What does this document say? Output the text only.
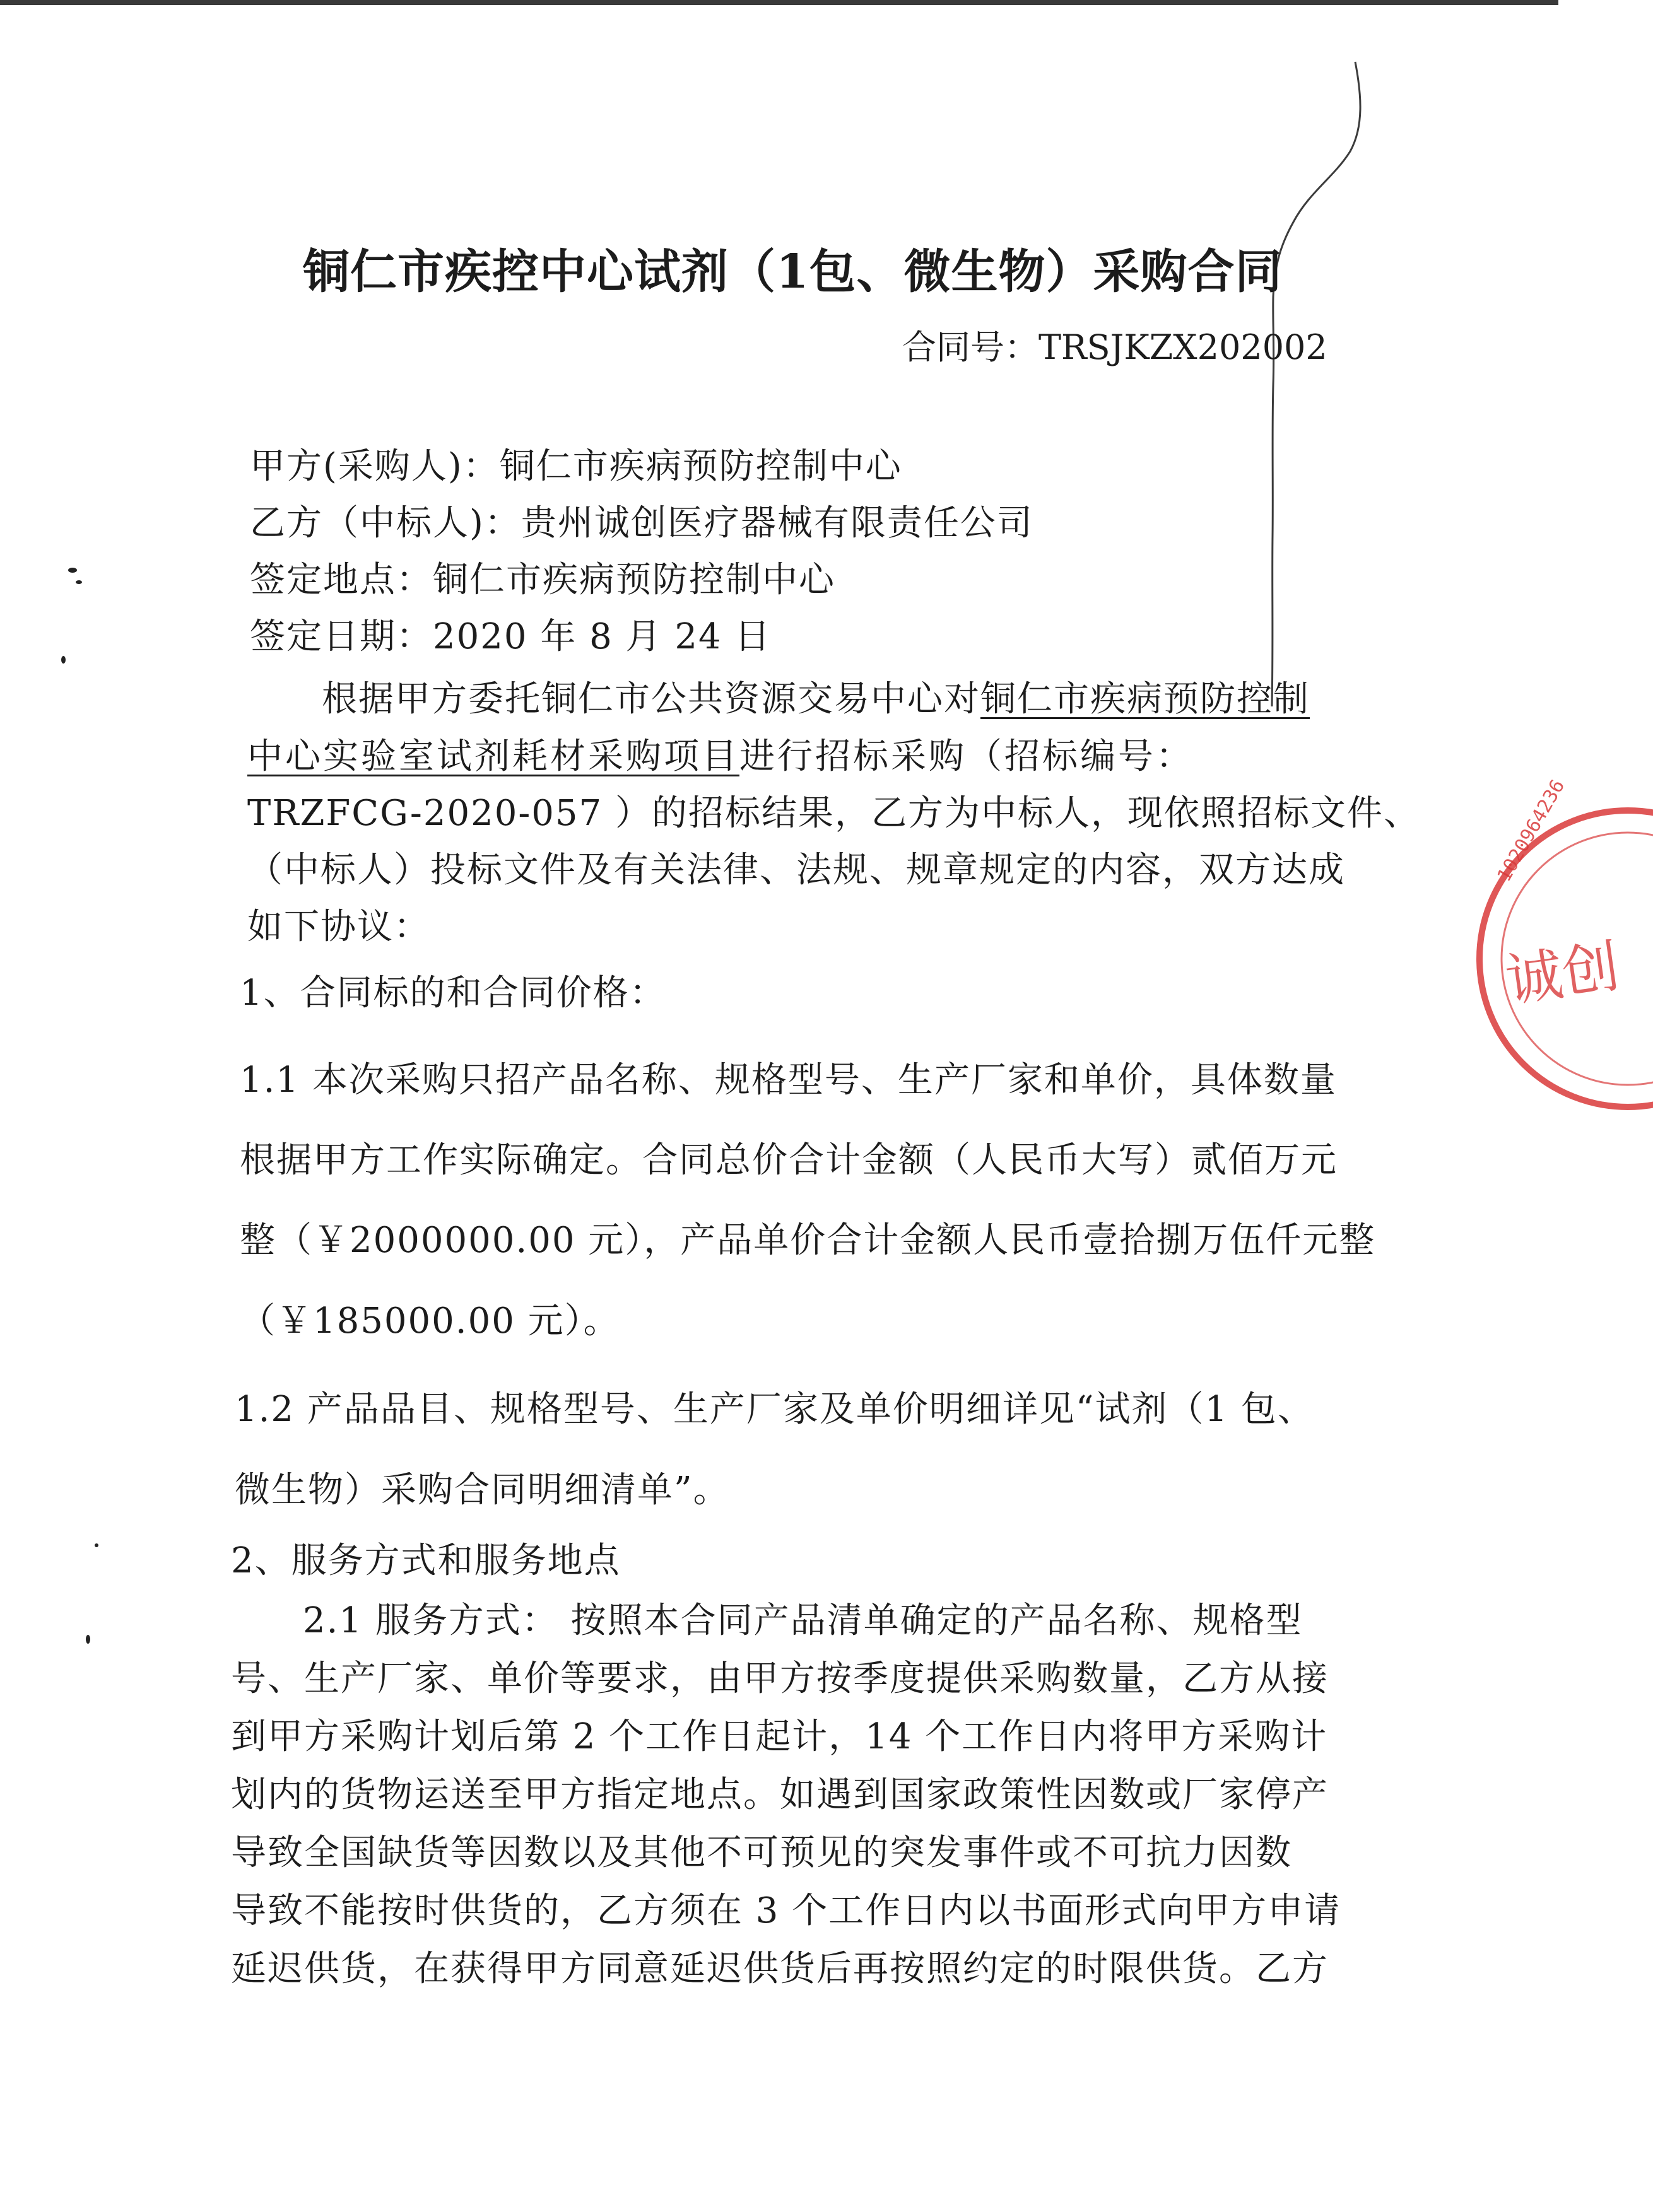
铜仁市疾控中心试剂（1包、微生物）采购合同
合同号：TRSJKZX202002
甲方(采购人)：铜仁市疾病预防控制中心
乙方（中标人)：贵州诚创医疗器械有限责任公司
签定地点：铜仁市疾病预防控制中心
签定日期：2020 年 8 月 24 日
根据甲方委托铜仁市公共资源交易中心对铜仁市疾病预防控制
中心实验室试剂耗材采购项目进行招标采购（招标编号：
TRZFCG-2020-057 ）的招标结果，乙方为中标人，现依照招标文件、
（中标人）投标文件及有关法律、法规、规章规定的内容，双方达成
如下协议：
1、合同标的和合同价格：
1.1 本次采购只招产品名称、规格型号、生产厂家和单价，具体数量
根据甲方工作实际确定。合同总价合计金额（人民币大写）贰佰万元
整（￥2000000.00 元），产品单价合计金额人民币壹拾捌万伍仟元整
（￥185000.00 元）。
1.2 产品品目、规格型号、生产厂家及单价明细详见“试剂（1 包、
微生物）采购合同明细清单”。
2、服务方式和服务地点
2.1 服务方式： 按照本合同产品清单确定的产品名称、规格型
号、生产厂家、单价等要求，由甲方按季度提供采购数量，乙方从接
到甲方采购计划后第 2 个工作日起计，14 个工作日内将甲方采购计
划内的货物运送至甲方指定地点。如遇到国家政策性因数或厂家停产
导致全国缺货等因数以及其他不可预见的突发事件或不可抗力因数
导致不能按时供货的，乙方须在 3 个工作日内以书面形式向甲方申请
延迟供货，在获得甲方同意延迟供货后再按照约定的时限供货。乙方
1020964236
诚创
